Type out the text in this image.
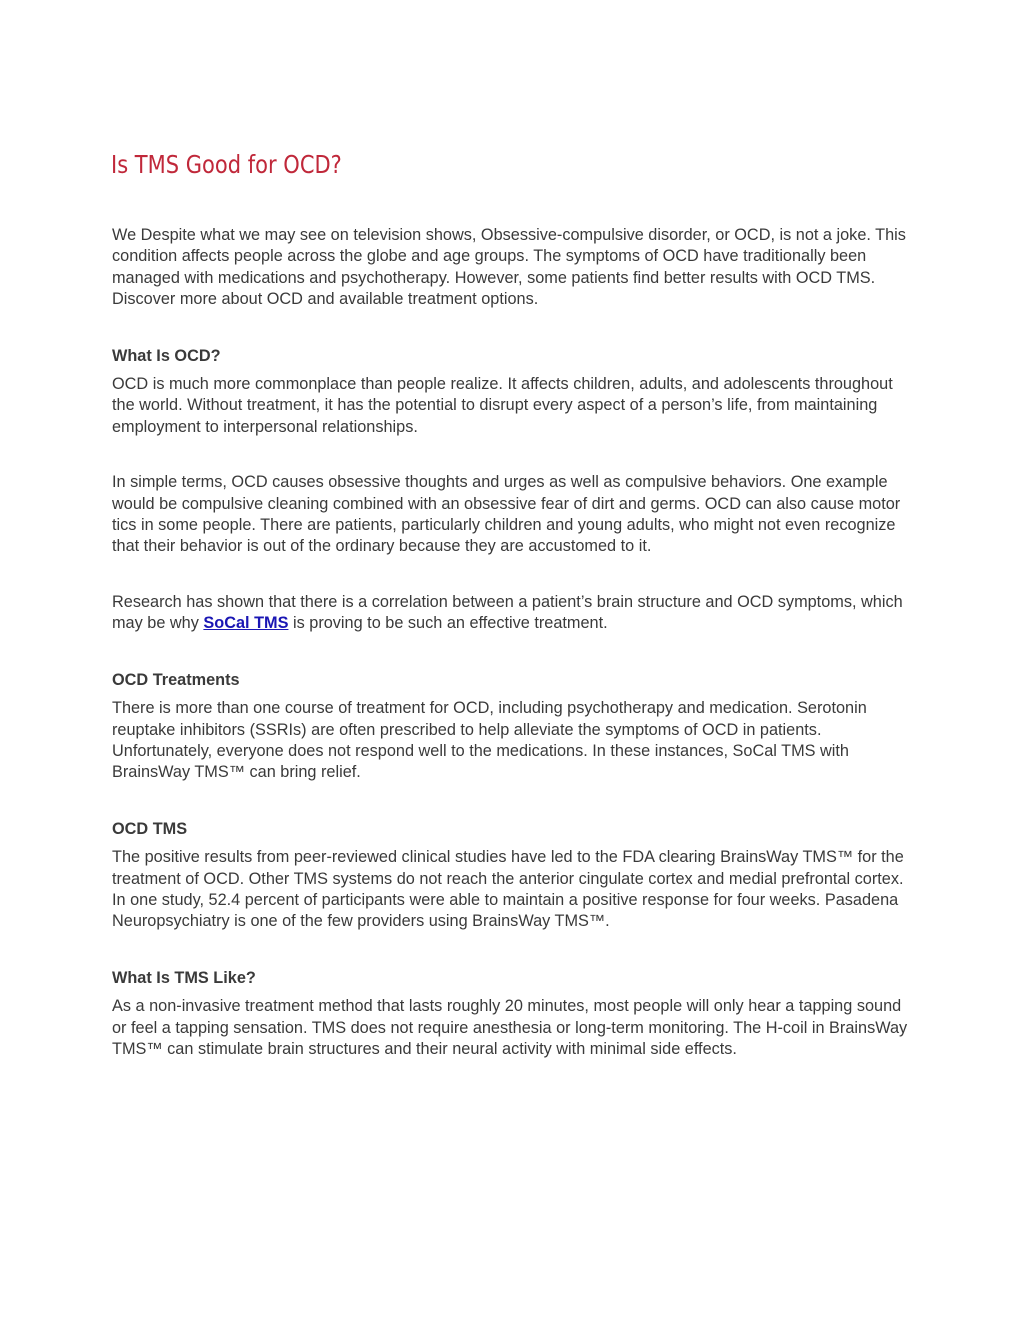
Is TMS Good for OCD?

We Despite what we may see on television shows, Obsessive-compulsive disorder, or OCD, is not a joke. This condition affects people across the globe and age groups. The symptoms of OCD have traditionally been managed with medications and psychotherapy. However, some patients find better results with OCD TMS. Discover more about OCD and available treatment options.

What Is OCD?

OCD is much more commonplace than people realize. It affects children, adults, and adolescents throughout the world. Without treatment, it has the potential to disrupt every aspect of a person’s life, from maintaining employment to interpersonal relationships.

In simple terms, OCD causes obsessive thoughts and urges as well as compulsive behaviors. One example would be compulsive cleaning combined with an obsessive fear of dirt and germs. OCD can also cause motor tics in some people. There are patients, particularly children and young adults, who might not even recognize that their behavior is out of the ordinary because they are accustomed to it.

Research has shown that there is a correlation between a patient’s brain structure and OCD symptoms, which may be why SoCal TMS is proving to be such an effective treatment.

OCD Treatments

There is more than one course of treatment for OCD, including psychotherapy and medication. Serotonin reuptake inhibitors (SSRIs) are often prescribed to help alleviate the symptoms of OCD in patients. Unfortunately, everyone does not respond well to the medications. In these instances, SoCal TMS with BrainsWay TMS™ can bring relief.

OCD TMS

The positive results from peer-reviewed clinical studies have led to the FDA clearing BrainsWay TMS™ for the treatment of OCD. Other TMS systems do not reach the anterior cingulate cortex and medial prefrontal cortex. In one study, 52.4 percent of participants were able to maintain a positive response for four weeks. Pasadena Neuropsychiatry is one of the few providers using BrainsWay TMS™.

What Is TMS Like?

As a non-invasive treatment method that lasts roughly 20 minutes, most people will only hear a tapping sound or feel a tapping sensation. TMS does not require anesthesia or long-term monitoring. The H-coil in BrainsWay TMS™ can stimulate brain structures and their neural activity with minimal side effects.
